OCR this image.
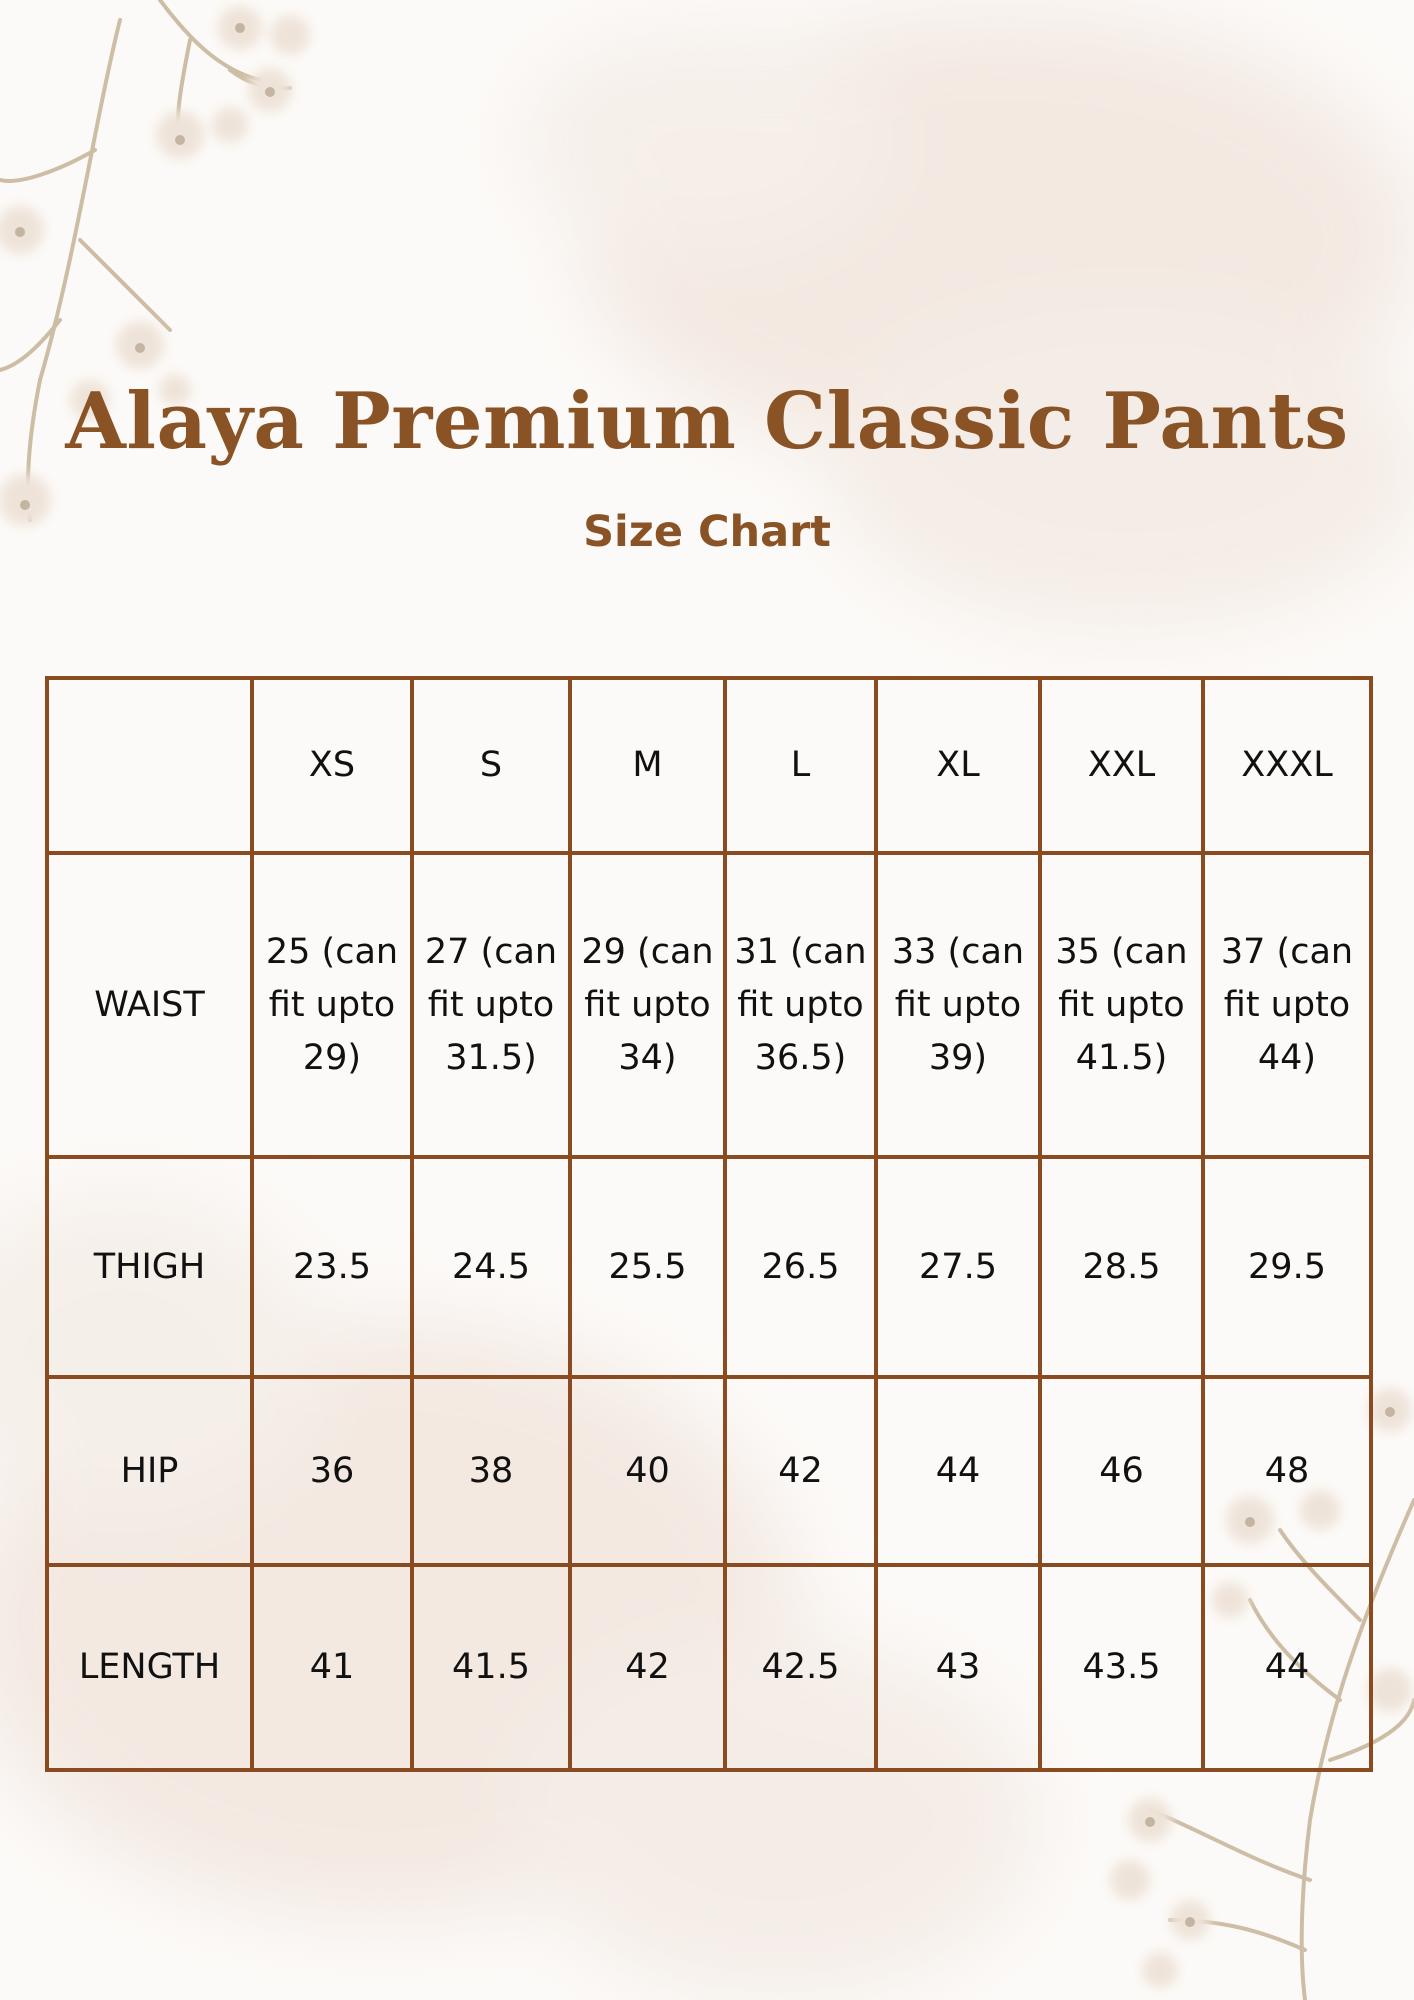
Alaya Premium Classic Pants
Size Chart
	XS	S	M	L	XL	XXL	XXXL
WAIST	25 (can fit upto 29)	27 (can fit upto 31.5)	29 (can fit upto 34)	31 (can fit upto 36.5)	33 (can fit upto 39)	35 (can fit upto 41.5)	37 (can fit upto 44)
THIGH	23.5	24.5	25.5	26.5	27.5	28.5	29.5
HIP	36	38	40	42	44	46	48
LENGTH	41	41.5	42	42.5	43	43.5	44
